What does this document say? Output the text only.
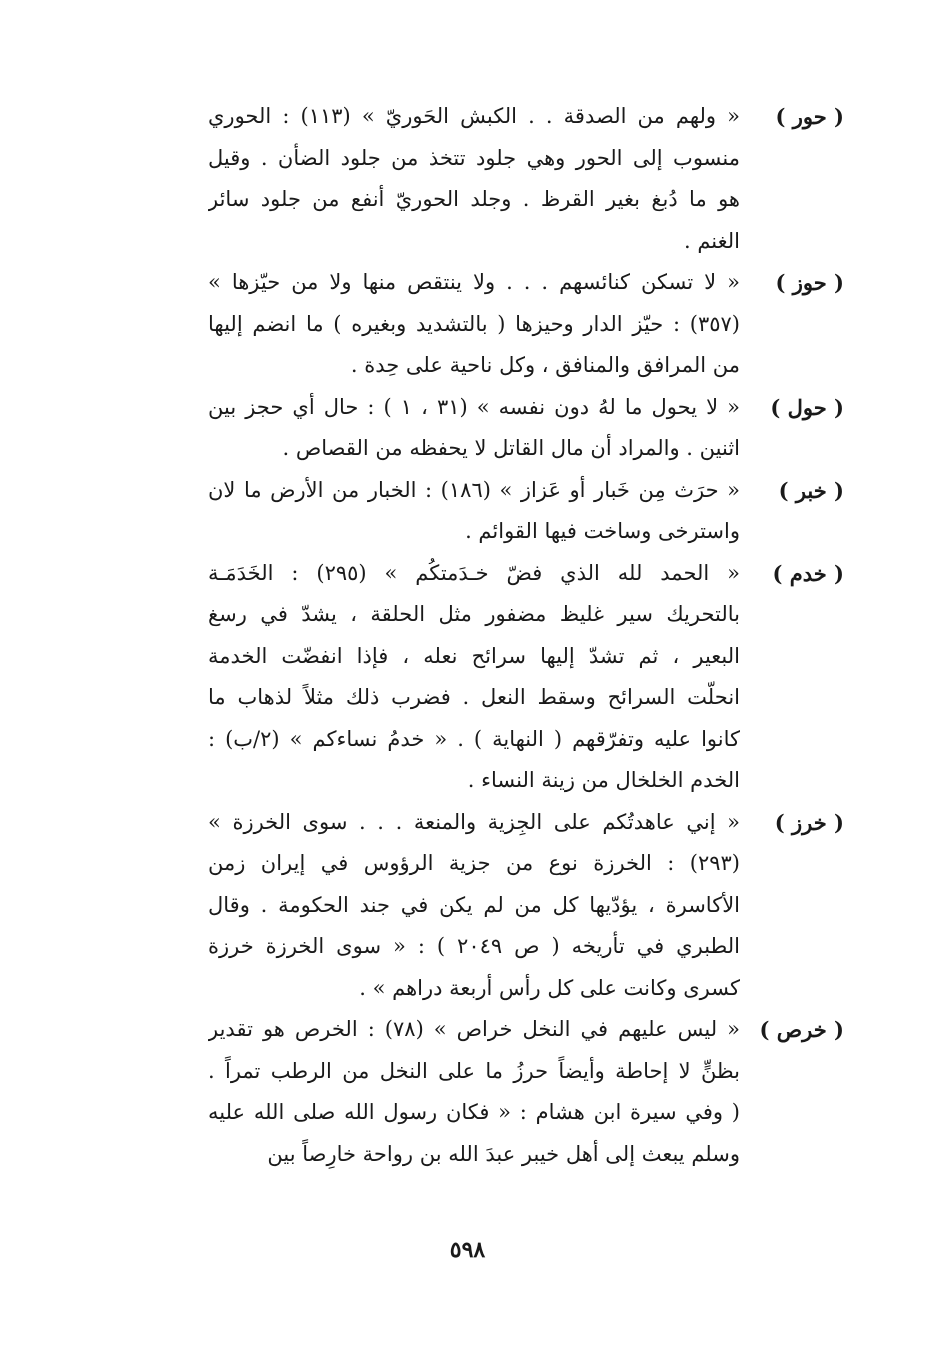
( حور )
« ولهم من الصدقة . . الكبش الحَوريّ » (١١٣) : الحوري
منسوب إلى الحور وهي جلود تتخذ من جلود الضأن . وقيل
هو ما دُبغ بغير القرظ . وجلد الحوريّ أنفع من جلود سائر
الغنم .
( حوز )
« لا تسكن كنائسهم . . . ولا ينتقص منها ولا من حيّزها »
(٣٥٧) : حيّز الدار وحيزها ( بالتشديد وبغيره ) ما انضم إليها
من المرافق والمنافق ، وكل ناحية على حِدة .
( حول )
« لا يحول ما لهُ دون نفسه » (٣١ ، ١ ) : حال أي حجز بين
اثنين . والمراد أن مال القاتل لا يحفظه من القصاص .
( خبر )
« حرَث مِن خَبار أو عَزاز » (١٨٦) : الخبار من الأرض ما لان
واسترخى وساخت فيها القوائم .
( خدم )
« الحمد لله الذي فضّ خـدَمتكُم » (٢٩٥) : الخَدَمَـة
بالتحريك سير غليظ مضفور مثل الحلقة ، يشدّ في رسغ
البعير ، ثم تشدّ إليها سرائح نعله ، فإذا انفضّت الخدمة
انحلّت السرائح وسقط النعل . فضرب ذلك مثلاً لذهاب ما
كانوا عليه وتفرّقهم ( النهاية ) . « خدمُ نساءكم » (٢/ب) :
الخدم الخلخال من زينة النساء .
( خرز )
« إني عاهدتُكم على الجِزية والمنعة . . . سوى الخرزة »
(٢٩٣) : الخرزة نوع من جزية الرؤوس في إيران زمن
الأكاسرة ، يؤدّيها كل من لم يكن في جند الحكومة . وقال
الطبري في تأريخه ( ص ٢٠٤٩ ) : « سوى الخرزة خرزة
كسرى وكانت على كل رأس أربعة دراهم » .
( خرص )
« ليس عليهم في النخل خراص » (٧٨) : الخرص هو تقدير
بظنٍّ لا إحاطة وأيضاً حرزُ ما على النخل من الرطب تمراً .
( وفي سيرة ابن هشام : « فكان رسول الله صلى الله عليه
وسلم يبعث إلى أهل خيبر عبدَ الله بن رواحة خارِصاً بين
٥٩٨
